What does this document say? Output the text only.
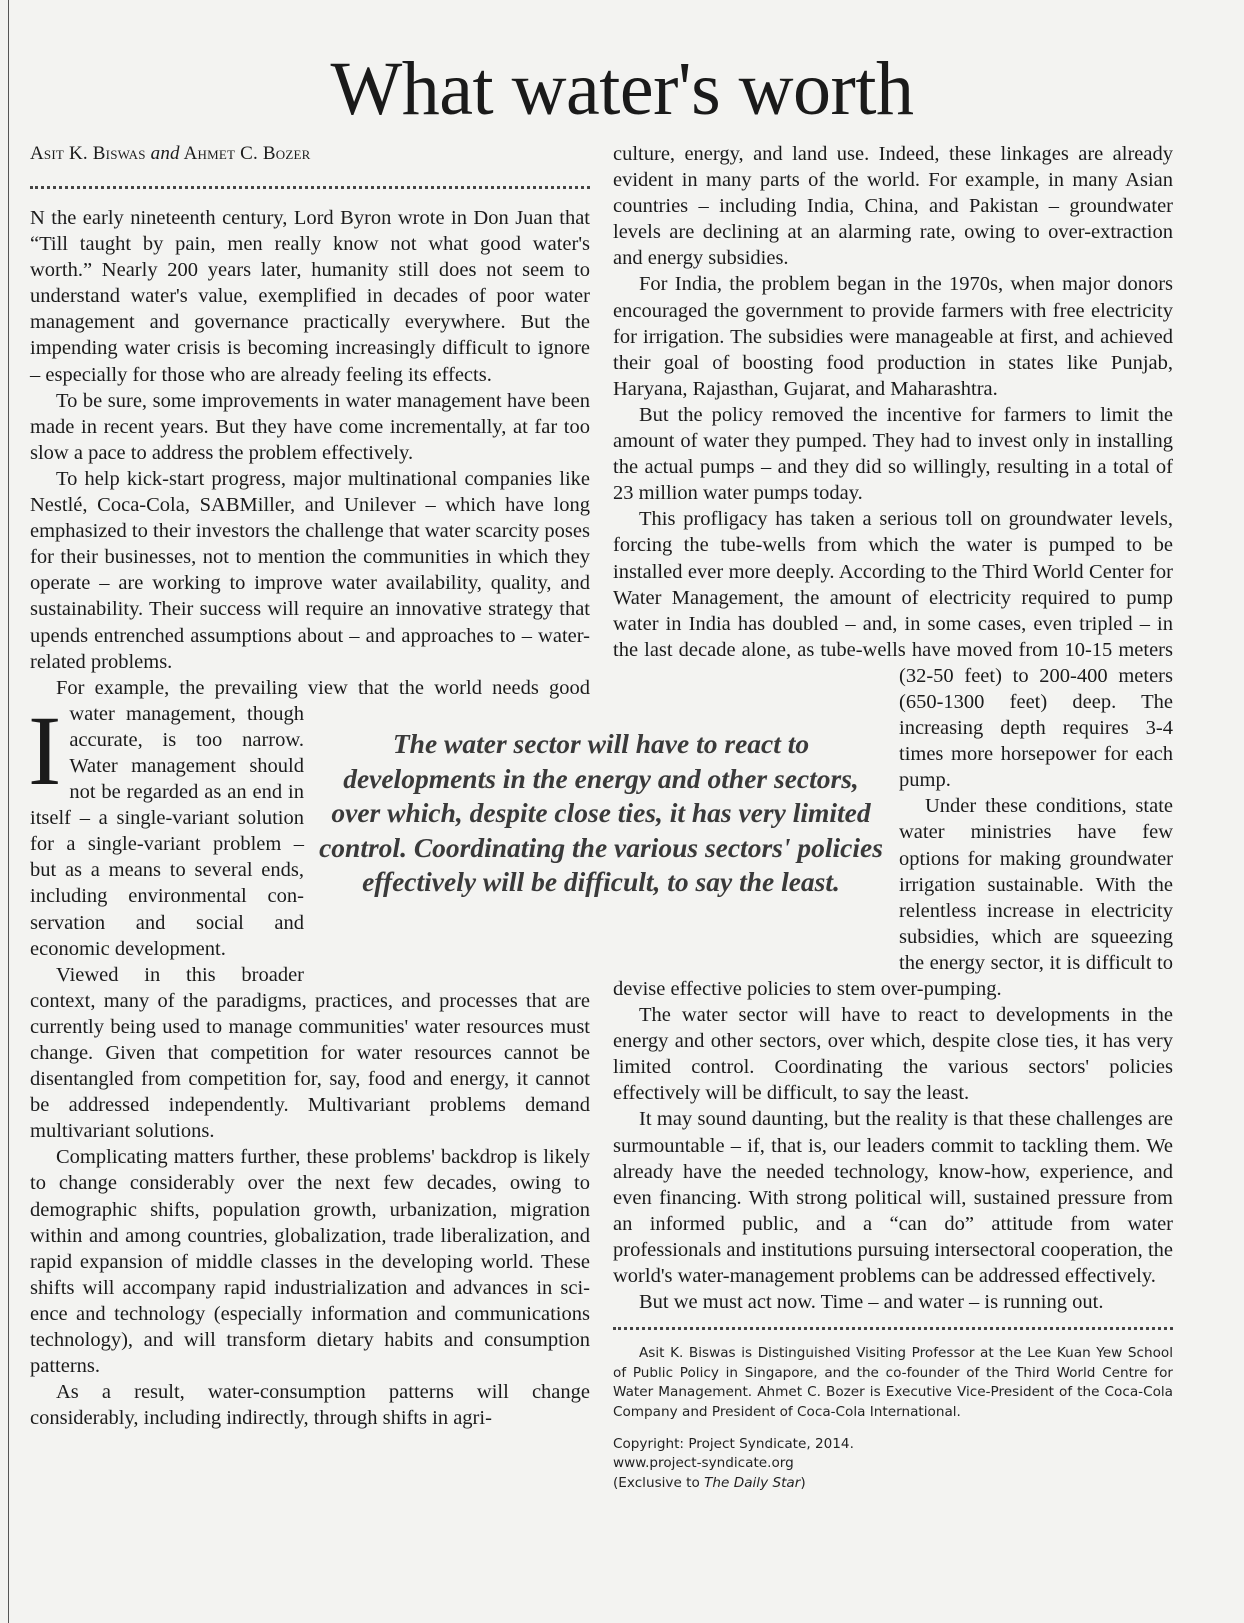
What water's worth
Asit K. Biswas and Ahmet C. Bozer

I
N the early nineteenth century, Lord Byron wrote in Don Juan that “Till taught by pain, men really know not what good water's worth.” Nearly 200 years later, humanity still does not seem to understand water's value, exemplified in decades of poor water management and governance practically everywhere. But the impending water crisis is becoming increasingly difficult to ignore – especially for those who are already feeling its effects.

To be sure, some improvements in water management have been made in recent years. But they have come incrementally, at far too slow a pace to address the problem effectively.

To help kick-start progress, major multinational companies like Nestlé, Coca-Cola, SABMiller, and Unilever – which have long emphasized to their investors the challenge that water scarcity poses for their businesses, not to mention the communities in which they operate – are working to improve water availability, quality, and sustainability. Their success will require an innovative strategy that upends entrenched assumptions about – and approaches to – water-related problems.

For example, the prevailing view that the world needs good water management, though accurate, is too narrow. Water management should not be regarded as an end in itself – a single-variant solution for a single-variant problem – but as a means to several ends, including environmental conservation and social and economic development.

Viewed in this broader context, many of the paradigms, practices, and processes that are currently being used to manage communities' water resources must change. Given that competition for water resources cannot be disentangled from competition for, say, food and energy, it cannot be addressed independently. Multivariant problems demand multivariant solutions.

Complicating matters further, these problems' backdrop is likely to change considerably over the next few decades, owing to demographic shifts, population growth, urbanization, migration within and among countries, globalization, trade liberalization, and rapid expansion of middle classes in the developing world. These shifts will accompany rapid industrialization and advances in science and technology (especially information and communications technology), and will transform dietary habits and consumption patterns.

As a result, water-consumption patterns will change considerably, including indirectly, through shifts in agri-

culture, energy, and land use. Indeed, these linkages are already evident in many parts of the world. For example, in many Asian countries – including India, China, and Pakistan – groundwater levels are declining at an alarming rate, owing to over-extraction and energy subsidies.

For India, the problem began in the 1970s, when major donors encouraged the government to provide farmers with free electricity for irrigation. The subsidies were manageable at first, and achieved their goal of boosting food production in states like Punjab, Haryana, Rajasthan, Gujarat, and Maharashtra.

But the policy removed the incentive for farmers to limit the amount of water they pumped. They had to invest only in installing the actual pumps – and they did so willingly, resulting in a total of 23 million water pumps today.

This profligacy has taken a serious toll on groundwater levels, forcing the tube-wells from which the water is pumped to be installed ever more deeply. According to the Third World Center for Water Management, the amount of electricity required to pump water in India has doubled – and, in some cases, even tripled – in the last decade alone, as tube-wells have moved from 10-15 meters (32-50 feet) to 200-400 meters (650-1300 feet) deep. The increasing depth requires 3-4 times more horsepower for each pump.

Under these conditions, state water ministries have few options for making groundwater irrigation sustainable. With the relentless increase in electricity subsidies, which are squeezing the energy sector, it is difficult to devise effective policies to stem over-pumping.

The water sector will have to react to developments in the energy and other sectors, over which, despite close ties, it has very limited control. Coordinating the various sectors' policies effectively will be difficult, to say the least.

It may sound daunting, but the reality is that these challenges are surmountable – if, that is, our leaders commit to tackling them. We already have the needed technology, know-how, experience, and even financing. With strong political will, sustained pressure from an informed public, and a “can do” attitude from water professionals and institutions pursuing intersectoral cooperation, the world's water-management problems can be addressed effectively.

But we must act now. Time – and water – is running out.

Asit K. Biswas is Distinguished Visiting Professor at the Lee Kuan Yew School of Public Policy in Singapore, and the co-founder of the Third World Centre for Water Management. Ahmet C. Bozer is Executive Vice-President of the Coca-Cola Company and President of Coca-Cola International.

Copyright: Project Syndicate, 2014.
www.project-syndicate.org
(Exclusive to The Daily Star)
The water sector will have to react to developments in the energy and other sectors, over which, despite close ties, it has very limited control. Coordinating the various sectors' policies effectively will be difficult, to say the least.
